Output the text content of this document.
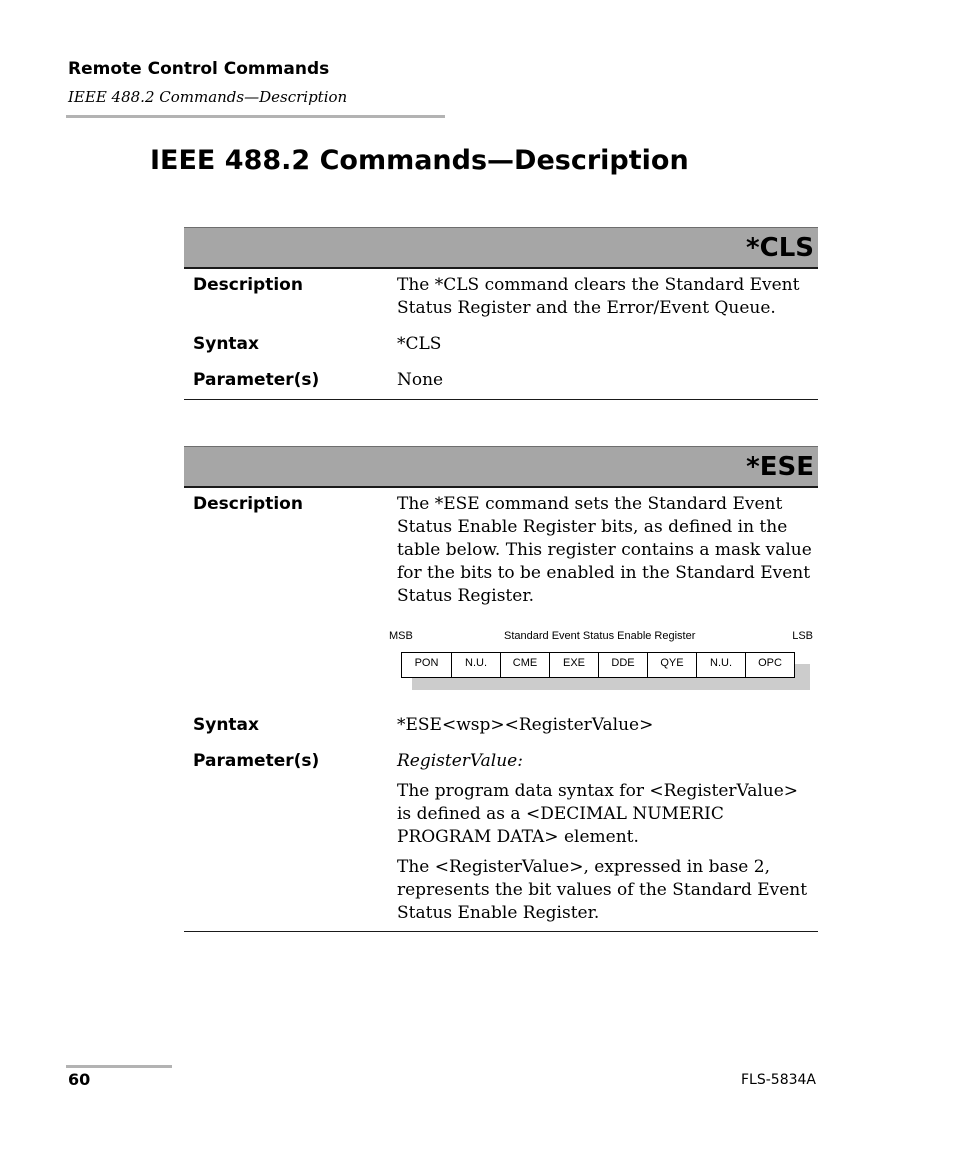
Remote Control Commands
IEEE 488.2 Commands—Description
IEEE 488.2 Commands—Description
*CLS
Description	The *CLS command clears the Standard Event Status Register and the Error/Event Queue.
Syntax	*CLS
Parameter(s)	None
*ESE
Description	The *ESE command sets the Standard Event Status Enable Register bits, as defined in the table below. This register contains a mask value for the bits to be enabled in the Standard Event Status Register.

MSB	Standard Event Status Enable Register	LSB
PON	N.U.	CME	EXE	DDE	QYE	N.U.	OPC
Syntax	*ESE<wsp><RegisterValue>
Parameter(s)	RegisterValue:

The program data syntax for <RegisterValue> is defined as a <DECIMAL NUMERIC PROGRAM DATA> element.

The <RegisterValue>, expressed in base 2, represents the bit values of the Standard Event Status Enable Register.

60	FLS-5834A
